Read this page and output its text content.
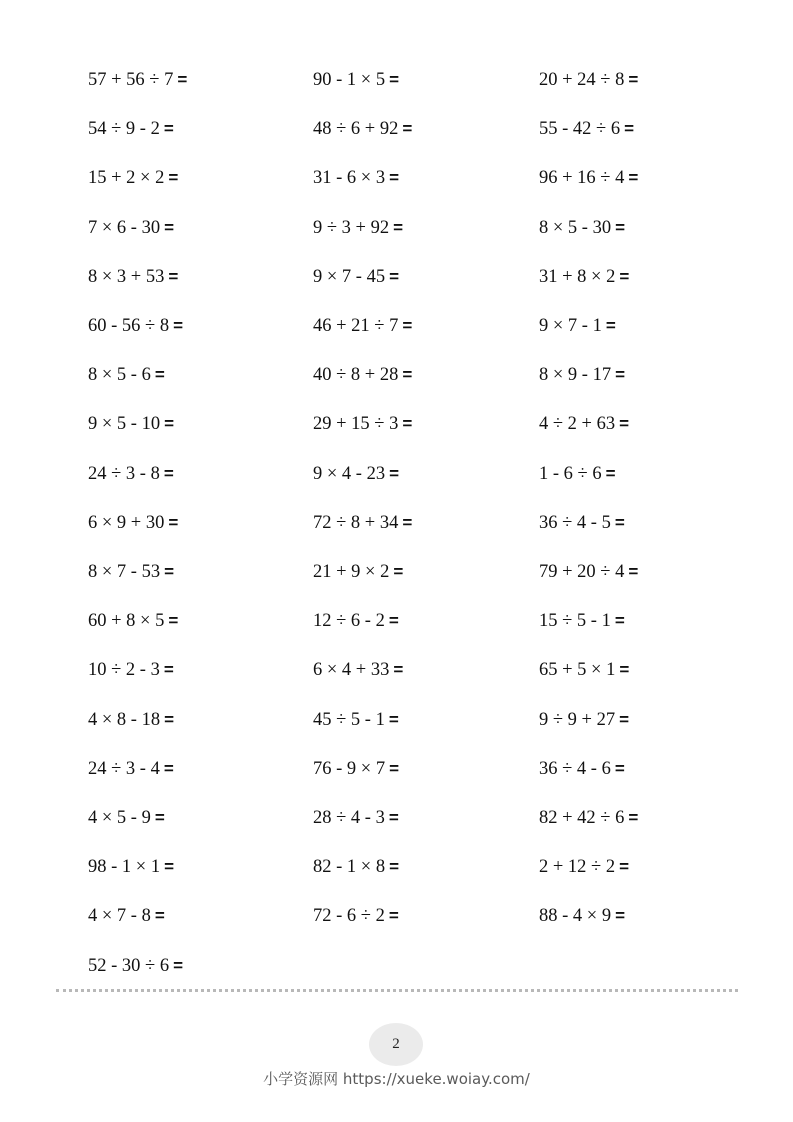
57 + 56 ÷ 7 =	90 - 1 × 5 =	20 + 24 ÷ 8 =
54 ÷ 9 - 2 =	48 ÷ 6 + 92 =	55 - 42 ÷ 6 =
15 + 2 × 2 =	31 - 6 × 3 =	96 + 16 ÷ 4 =
7 × 6 - 30 =	9 ÷ 3 + 92 =	8 × 5 - 30 =
8 × 3 + 53 =	9 × 7 - 45 =	31 + 8 × 2 =
60 - 56 ÷ 8 =	46 + 21 ÷ 7 =	9 × 7 - 1 =
8 × 5 - 6 =	40 ÷ 8 + 28 =	8 × 9 - 17 =
9 × 5 - 10 =	29 + 15 ÷ 3 =	4 ÷ 2 + 63 =
24 ÷ 3 - 8 =	9 × 4 - 23 =	1 - 6 ÷ 6 =
6 × 9 + 30 =	72 ÷ 8 + 34 =	36 ÷ 4 - 5 =
8 × 7 - 53 =	21 + 9 × 2 =	79 + 20 ÷ 4 =
60 + 8 × 5 =	12 ÷ 6 - 2 =	15 ÷ 5 - 1 =
10 ÷ 2 - 3 =	6 × 4 + 33 =	65 + 5 × 1 =
4 × 8 - 18 =	45 ÷ 5 - 1 =	9 ÷ 9 + 27 =
24 ÷ 3 - 4 =	76 - 9 × 7 =	36 ÷ 4 - 6 =
4 × 5 - 9 =	28 ÷ 4 - 3 =	82 + 42 ÷ 6 =
98 - 1 × 1 =	82 - 1 × 8 =	2 + 12 ÷ 2 =
4 × 7 - 8 =	72 - 6 ÷ 2 =	88 - 4 × 9 =
52 - 30 ÷ 6 =
2
小学资源网 https://xueke.woiay.com/
